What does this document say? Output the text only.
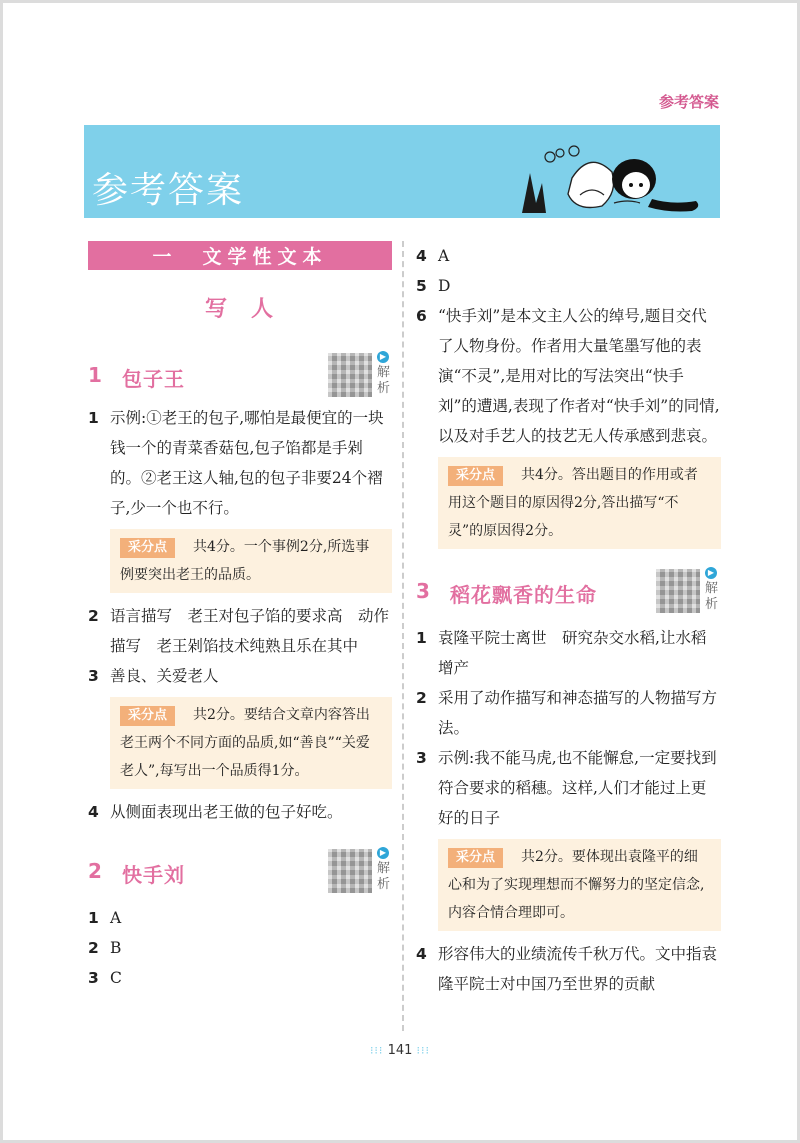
参考答案
参考答案
一　文学性文本
写人
1 包子王
▶
解析
1 示例:①老王的包子,哪怕是最便宜的一块钱一个的青菜香菇包,包子馅都是手剁的。②老王这人轴,包的包子非要24个褶子,少一个也不行。
采分点 共4分。一个事例2分,所选事例要突出老王的品质。
2 语言描写　老王对包子馅的要求高　动作描写　老王剁馅技术纯熟且乐在其中
3 善良、关爱老人
采分点 共2分。要结合文章内容答出老王两个不同方面的品质,如“善良”“关爱老人”,每写出一个品质得1分。
4 从侧面表现出老王做的包子好吃。
2 快手刘
▶
解析
1 A
2 B
3 C
4 A
5 D
6 “快手刘”是本文主人公的绰号,题目交代了人物身份。作者用大量笔墨写他的表演“不灵”,是用对比的写法突出“快手刘”的遭遇,表现了作者对“快手刘”的同情,以及对手艺人的技艺无人传承感到悲哀。
采分点 共4分。答出题目的作用或者用这个题目的原因得2分,答出描写“不灵”的原因得2分。
3 稻花飘香的生命
▶
解析
1 袁隆平院士离世　研究杂交水稻,让水稻增产
2 采用了动作描写和神态描写的人物描写方法。
3 示例:我不能马虎,也不能懈怠,一定要找到符合要求的稻穗。这样,人们才能过上更好的日子
采分点 共2分。要体现出袁隆平的细心和为了实现理想而不懈努力的坚定信念,内容合情合理即可。
4 形容伟大的业绩流传千秋万代。文中指袁隆平院士对中国乃至世界的贡献
⁝⁝⁝ 141 ⁝⁝⁝
